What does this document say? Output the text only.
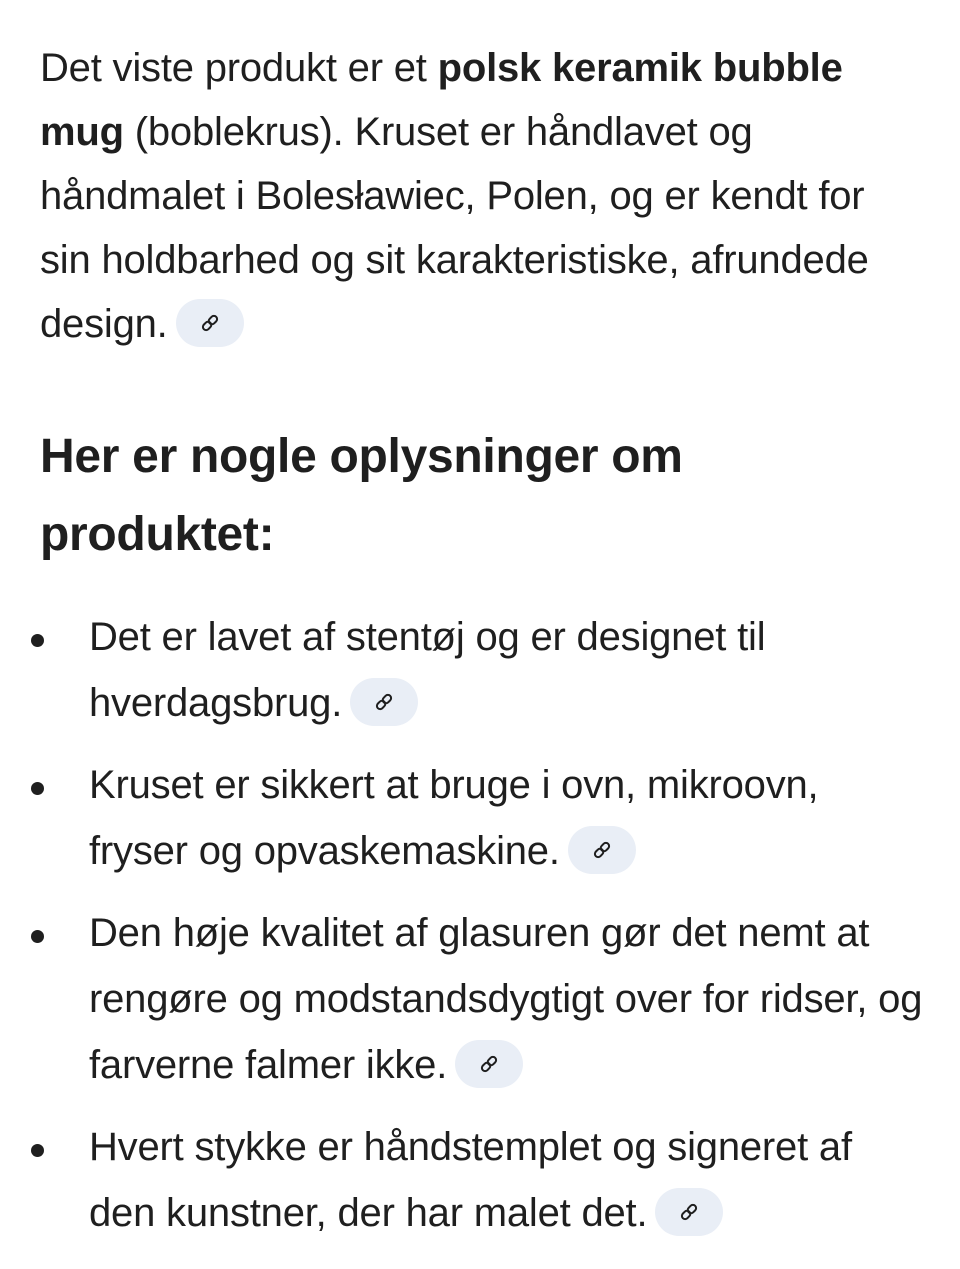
Det viste produkt er et polsk keramik bubble mug (boblekrus). Kruset er håndlavet og håndmalet i Bolesławiec, Polen, og er kendt for sin holdbarhed og sit karakteristiske, afrundede design.

Her er nogle oplysninger om produktet:
Det er lavet af stentøj og er designet til hverdagsbrug.
Kruset er sikkert at bruge i ovn, mikroovn, fryser og opvaskemaskine.
Den høje kvalitet af glasuren gør det nemt at rengøre og modstandsdygtigt over for ridser, og farverne falmer ikke.
Hvert stykke er håndstemplet og signeret af den kunstner, der har malet det.
